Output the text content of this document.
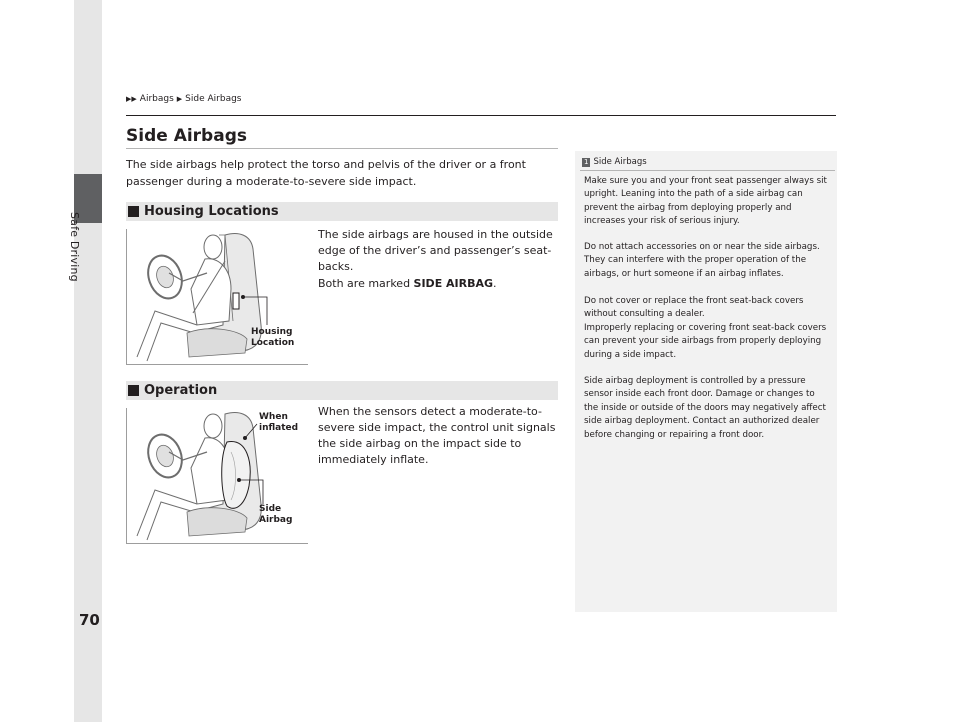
Safe Driving
70
▶▶ Airbags ▶ Side Airbags
Side Airbags

The side airbags help protect the torso and pelvis of the driver or a front passenger during a moderate-to-severe side impact.

Housing Locations
Housing
Location

The side airbags are housed in the outside edge of the driver’s and passenger’s seat-backs.

Both are marked SIDE AIRBAG.

Operation
When
inflated
Side
Airbag

When the sensors detect a moderate-to-severe side impact, the control unit signals the side airbag on the impact side to immediately inflate.

1 Side Airbags

Make sure you and your front seat passenger always sit upright. Leaning into the path of a side airbag can prevent the airbag from deploying properly and increases your risk of serious injury.

Do not attach accessories on or near the side airbags. They can interfere with the proper operation of the airbags, or hurt someone if an airbag inflates.

Do not cover or replace the front seat-back covers without consulting a dealer.
Improperly replacing or covering front seat-back covers can prevent your side airbags from properly deploying during a side impact.

Side airbag deployment is controlled by a pressure sensor inside each front door. Damage or changes to the inside or outside of the doors may negatively affect side airbag deployment. Contact an authorized dealer before changing or repairing a front door.
